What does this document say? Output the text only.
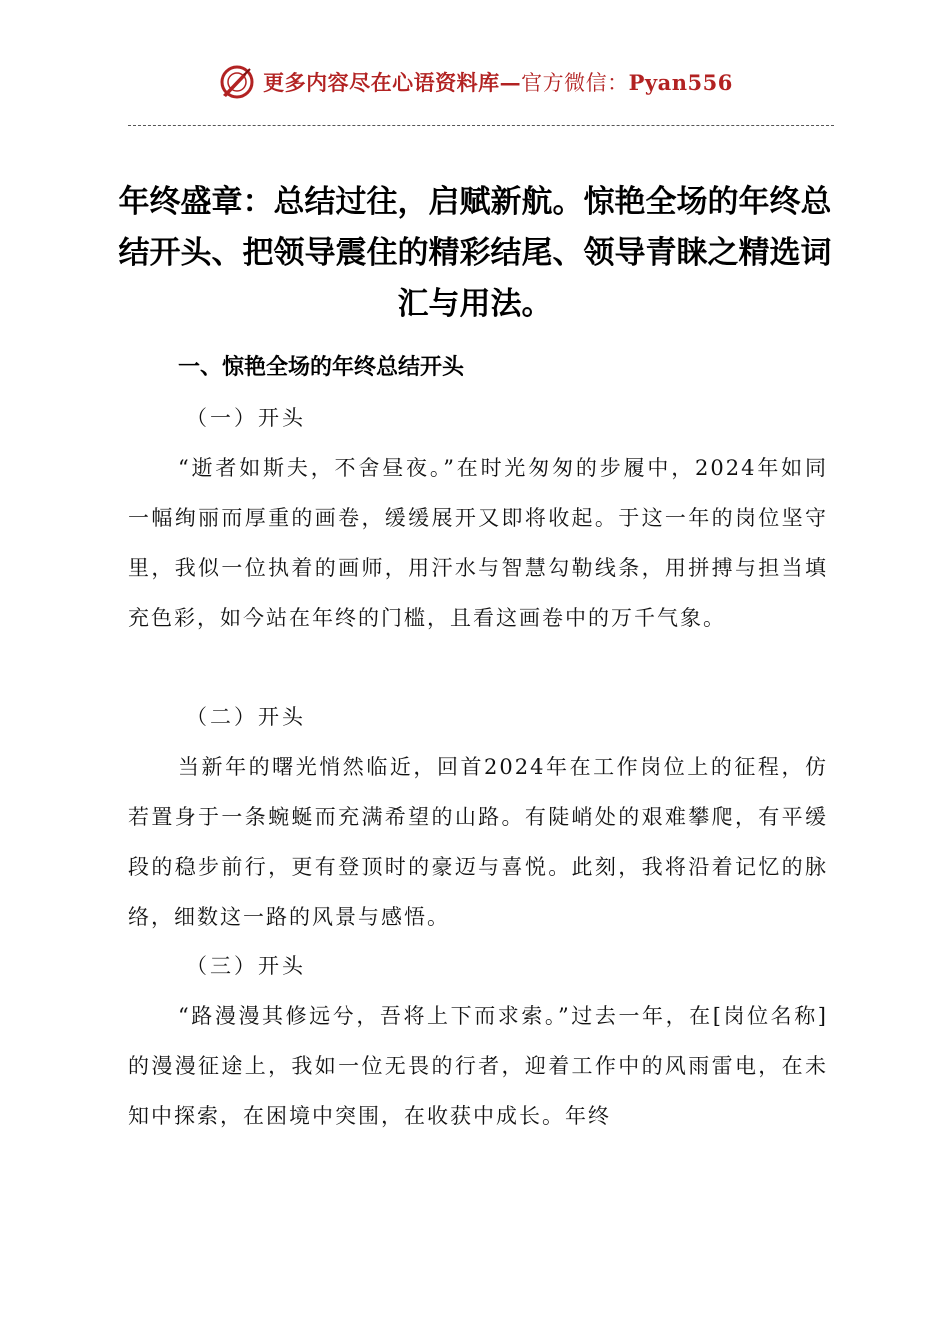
更多内容尽在心语资料库—官方微信：Pyan556
年终盛章：总结过往，启赋新航。惊艳全场的年终总结开头、把领导震住的精彩结尾、领导青睐之精选词汇与用法。
一、惊艳全场的年终总结开头

（一）开头

“逝者如斯夫，不舍昼夜。”在时光匆匆的步履中，2024年如同一幅绚丽而厚重的画卷，缓缓展开又即将收起。于这一年的岗位坚守里，我似一位执着的画师，用汗水与智慧勾勒线条，用拼搏与担当填充色彩，如今站在年终的门槛，且看这画卷中的万千气象。

（二）开头

当新年的曙光悄然临近，回首2024年在工作岗位上的征程，仿若置身于一条蜿蜒而充满希望的山路。有陡峭处的艰难攀爬，有平缓段的稳步前行，更有登顶时的豪迈与喜悦。此刻，我将沿着记忆的脉络，细数这一路的风景与感悟。

（三）开头

“路漫漫其修远兮，吾将上下而求索。”过去一年，在[岗位名称]的漫漫征途上，我如一位无畏的行者，迎着工作中的风雨雷电，在未知中探索，在困境中突围，在收获中成长。年终
